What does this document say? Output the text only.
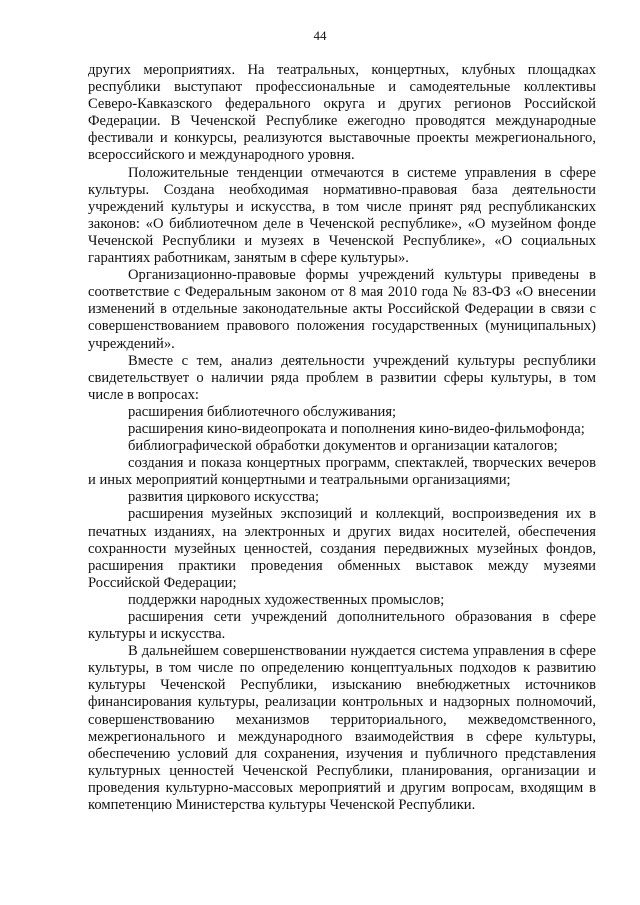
44

других мероприятиях. На театральных, концертных, клубных площадках республики выступают профессиональные и самодеятельные коллективы Северо-Кавказского федерального округа и других регионов Российской Федерации. В Чеченской Республике ежегодно проводятся международные фестивали и конкурсы, реализуются выставочные проекты межрегионального, всероссийского и международного уровня.

Положительные тенденции отмечаются в системе управления в сфере культуры. Создана необходимая нормативно-правовая база деятельности учреждений культуры и искусства, в том числе принят ряд республиканских законов: «О библиотечном деле в Чеченской республике», «О музейном фонде Чеченской Республики и музеях в Чеченской Республике», «О социальных гарантиях работникам, занятым в сфере культуры».

Организационно-правовые формы учреждений культуры приведены в соответствие с Федеральным законом от 8 мая 2010 года № 83-ФЗ «О внесении изменений в отдельные законодательные акты Российской Федерации в связи с совершенствованием правового положения государственных (муниципальных) учреждений».

Вместе с тем, анализ деятельности учреждений культуры республики свидетельствует о наличии ряда проблем в развитии сферы культуры, в том числе в вопросах:

расширения библиотечного обслуживания;

расширения кино-видеопроката и пополнения кино-видео-фильмофонда;

библиографической обработки документов и организации каталогов;

создания и показа концертных программ, спектаклей, творческих вечеров и иных мероприятий концертными и театральными организациями;

развития циркового искусства;

расширения музейных экспозиций и коллекций, воспроизведения их в печатных изданиях, на электронных и других видах носителей, обеспечения сохранности музейных ценностей, создания передвижных музейных фондов, расширения практики проведения обменных выставок между музеями Российской Федерации;

поддержки народных художественных промыслов;

расширения сети учреждений дополнительного образования в сфере культуры и искусства.

В дальнейшем совершенствовании нуждается система управления в сфере культуры, в том числе по определению концептуальных подходов к развитию культуры Чеченской Республики, изысканию внебюджетных источников финансирования культуры, реализации контрольных и надзорных полномочий, совершенствованию механизмов территориального, межведомственного, межрегионального и международного взаимодействия в сфере культуры, обеспечению условий для сохранения, изучения и публичного представления культурных ценностей Чеченской Республики, планирования, организации и проведения культурно-массовых мероприятий и другим вопросам, входящим в компетенцию Министерства культуры Чеченской Республики.
